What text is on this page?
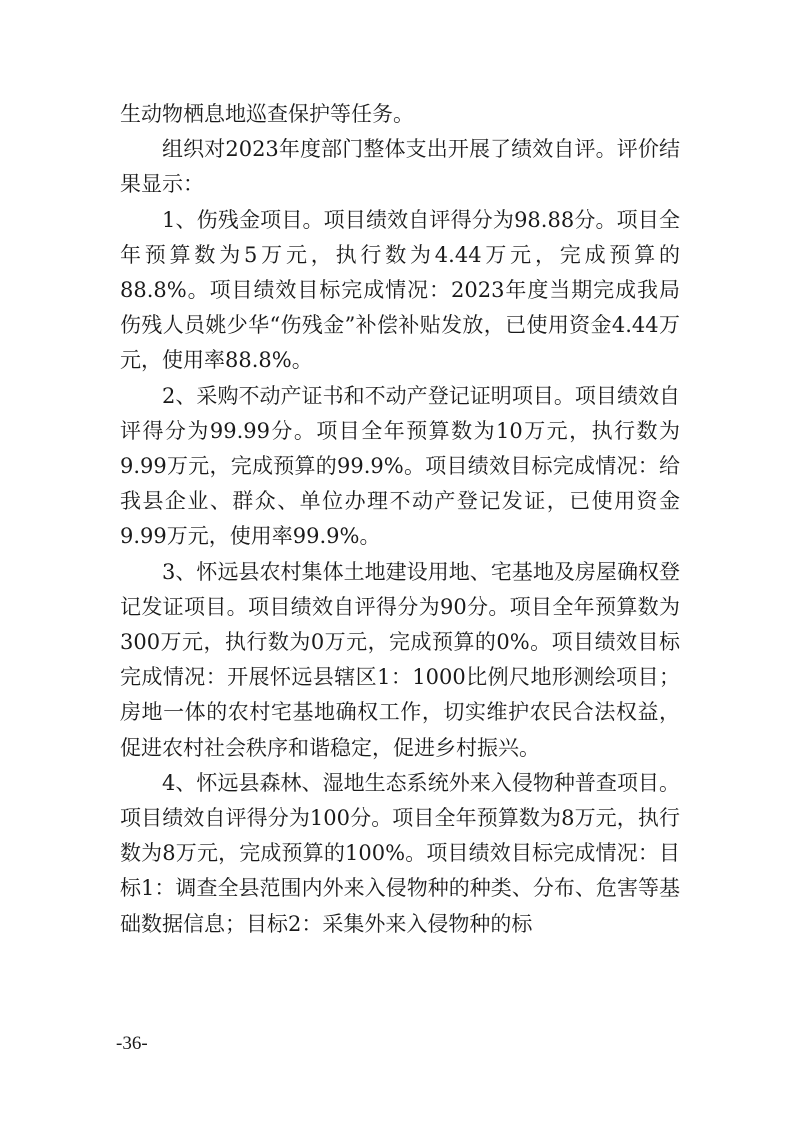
生动物栖息地巡查保护等任务。

组织对2023年度部门整体支出开展了绩效自评。评价结果显示：

1、伤残金项目。项目绩效自评得分为98.88分。项目全年预算数为5万元，执行数为4.44万元，完成预算的88.8%。项目绩效目标完成情况：2023年度当期完成我局伤残人员姚少华“伤残金”补偿补贴发放，已使用资金4.44万元，使用率88.8%。

2、采购不动产证书和不动产登记证明项目。项目绩效自评得分为99.99分。项目全年预算数为10万元，执行数为9.99万元，完成预算的99.9%。项目绩效目标完成情况：给我县企业、群众、单位办理不动产登记发证，已使用资金9.99万元，使用率99.9%。

3、怀远县农村集体土地建设用地、宅基地及房屋确权登记发证项目。项目绩效自评得分为90分。项目全年预算数为300万元，执行数为0万元，完成预算的0%。项目绩效目标完成情况：开展怀远县辖区1：1000比例尺地形测绘项目；房地一体的农村宅基地确权工作，切实维护农民合法权益，促进农村社会秩序和谐稳定，促进乡村振兴。

4、怀远县森林、湿地生态系统外来入侵物种普查项目。项目绩效自评得分为100分。项目全年预算数为8万元，执行数为8万元，完成预算的100%。项目绩效目标完成情况：目标1：调查全县范围内外来入侵物种的种类、分布、危害等基础数据信息；目标2：采集外来入侵物种的标

-36-
